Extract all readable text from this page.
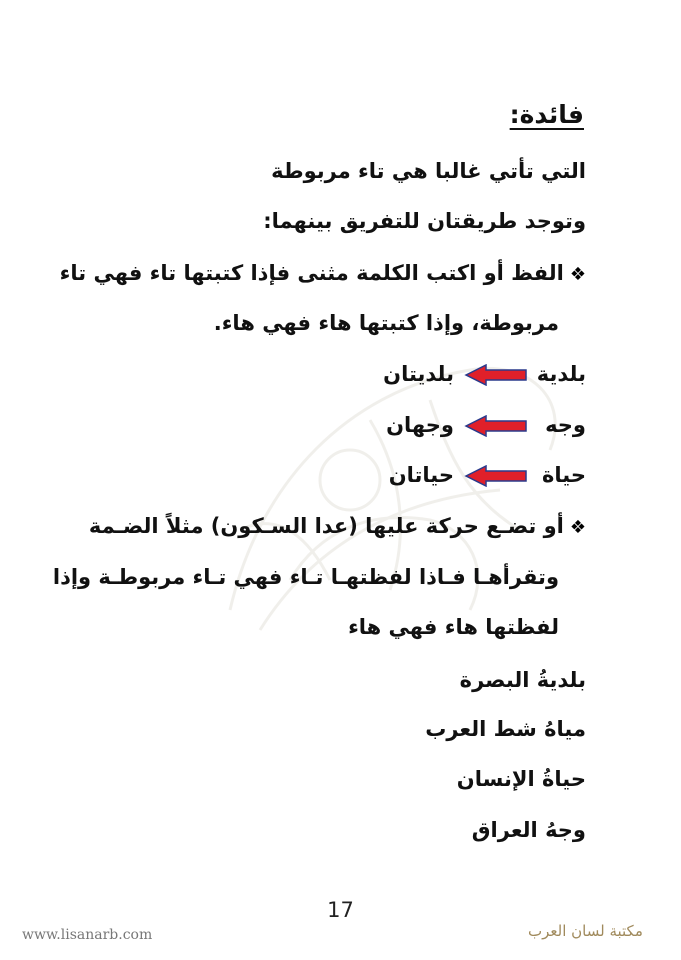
فائدة:
التي تأتي غالبا هي تاء مربوطة
وتوجد طريقتان للتفريق بينهما:
❖الفظ أو اكتب الكلمة مثنى فإذا كتبتها تاء فهي تاء
مربوطة، وإذا كتبتها هاء فهي هاء.
بلدية
بلديتان
وجه
وجهان
حياة
حياتان
❖أو تضـع حركة عليها (عدا السـكون) مثلاً الضـمة
وتقرأهـا فـاذا لفظتهـا تـاء فهي تـاء مربوطـة وإذا
لفظتها هاء فهي هاء
بلديةُ البصرة
مياهُ شط العرب
حياةُ الإنسان
وجهُ العراق
17
www.lisanarb.com	مكتبة لسان العرب
